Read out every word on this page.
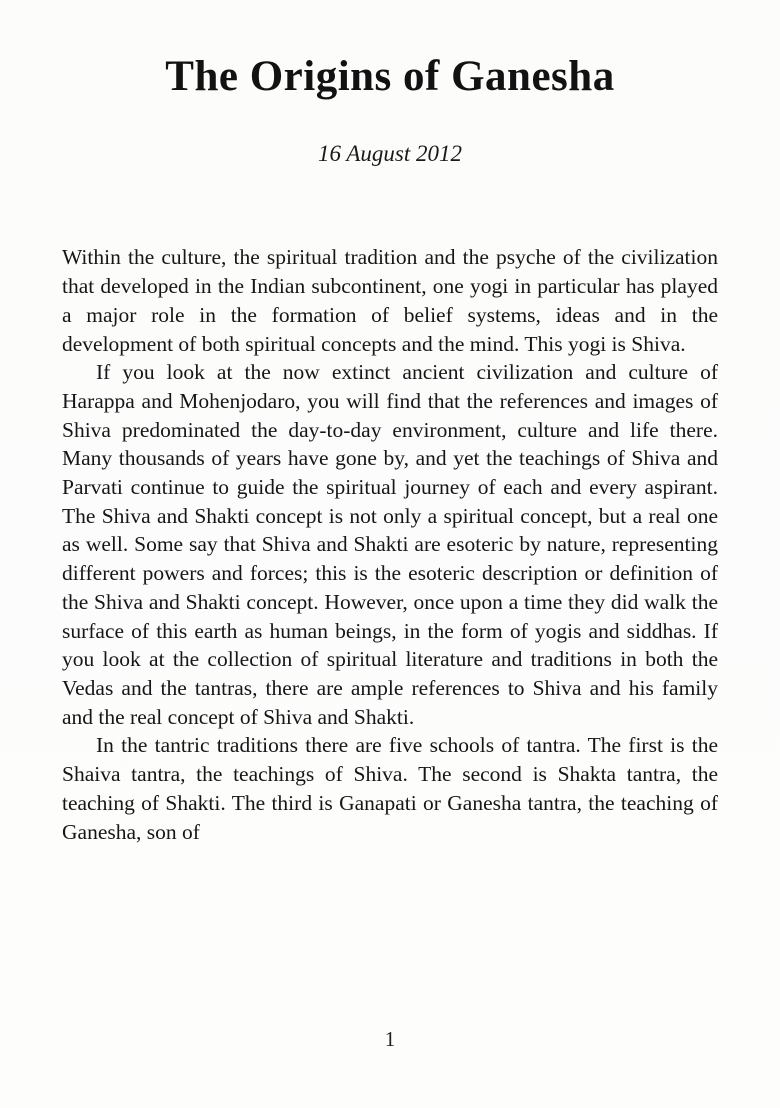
The Origins of Ganesha
16 August 2012

Within the culture, the spiritual tradition and the psyche of the civilization that developed in the Indian subcontinent, one yogi in particular has played a major role in the formation of belief systems, ideas and in the development of both spiritual concepts and the mind. This yogi is Shiva.

If you look at the now extinct ancient civilization and culture of Harappa and Mohenjodaro, you will find that the references and images of Shiva predominated the day-to-day environment, culture and life there. Many thousands of years have gone by, and yet the teachings of Shiva and Parvati continue to guide the spiritual journey of each and every aspirant. The Shiva and Shakti concept is not only a spiritual concept, but a real one as well. Some say that Shiva and Shakti are esoteric by nature, representing different powers and forces; this is the esoteric description or definition of the Shiva and Shakti concept. However, once upon a time they did walk the surface of this earth as human beings, in the form of yogis and siddhas. If you look at the collection of spiritual literature and traditions in both the Vedas and the tantras, there are ample references to Shiva and his family and the real concept of Shiva and Shakti.

In the tantric traditions there are five schools of tantra. The first is the Shaiva tantra, the teachings of Shiva. The second is Shakta tantra, the teaching of Shakti. The third is Ganapati or Ganesha tantra, the teaching of Ganesha, son of

1
